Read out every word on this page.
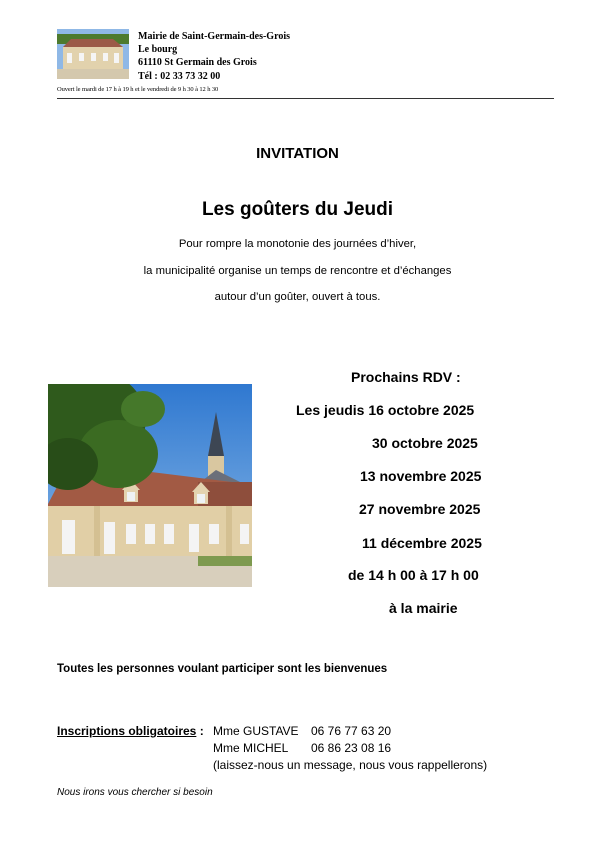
Mairie de Saint-Germain-des-Grois
Le bourg
61110 St Germain des Grois
Tél : 02 33 73 32 00
Ouvert le mardi de 17 h à 19 h et le vendredi de 9 h 30 à 12 h 30
INVITATION
Les goûters du Jeudi
Pour rompre la monotonie des journées d’hiver,
la municipalité organise un temps de rencontre et d’échanges
autour d’un goûter, ouvert à tous.
Prochains RDV :
Les jeudis 16 octobre 2025
30 octobre 2025
13 novembre 2025
27 novembre 2025
11 décembre 2025
de 14 h 00 à 17 h 00
à la mairie
Toutes les personnes voulant participer sont les bienvenues
Inscriptions obligatoires : Mme GUSTAVE 06 76 77 63 20
Mme MICHEL 06 86 23 08 16
(laissez-nous un message, nous vous rappellerons)
Nous irons vous chercher si besoin
